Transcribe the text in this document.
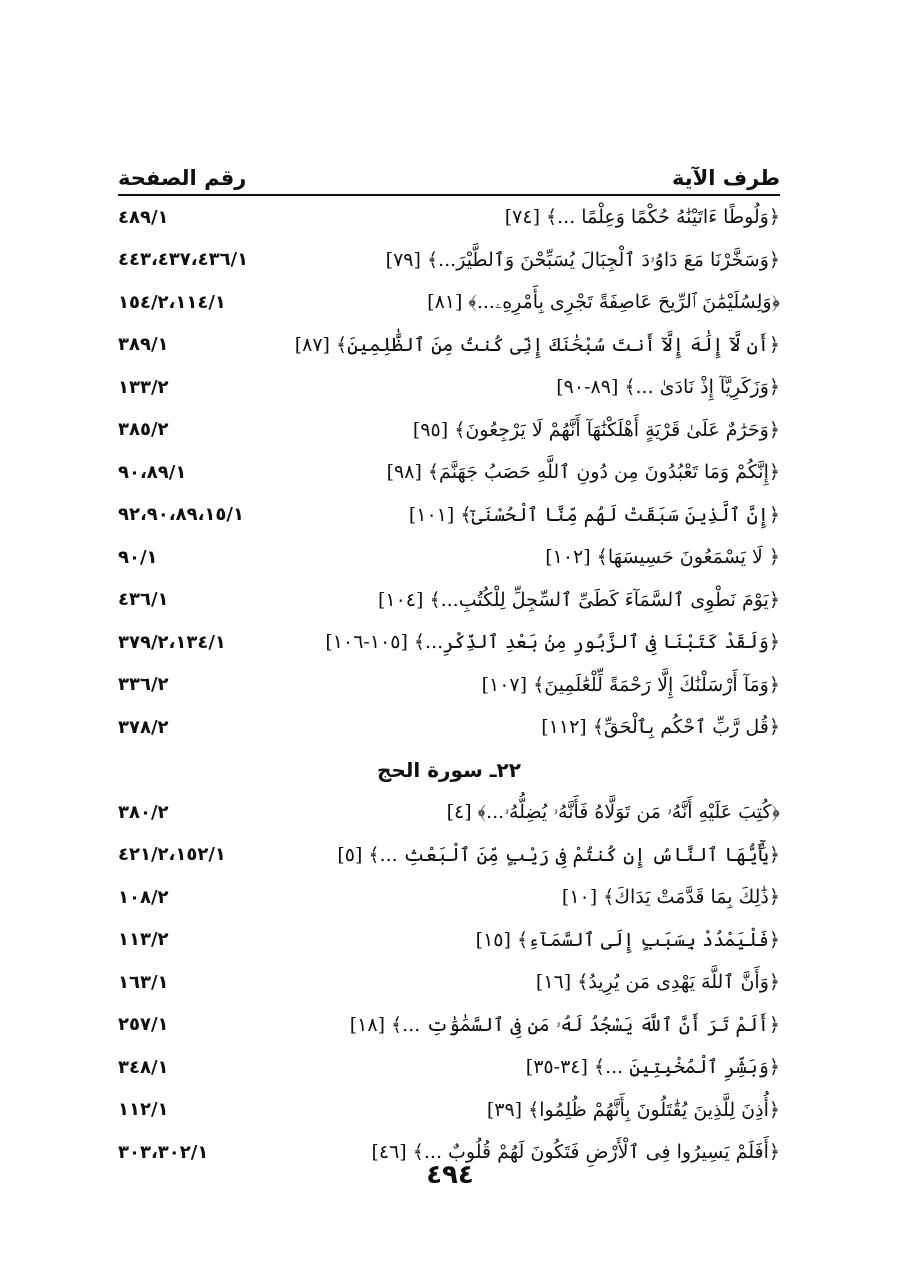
طرف الآية
رقم الصفحة
﴿وَلُوطًا ءَاتَيْنَٰهُ حُكْمًا وَعِلْمًا ...﴾ [٧٤]
٤٨٩/١
﴿وَسَخَّرْنَا مَعَ دَاوُۥدَ ٱلْجِبَالَ يُسَبِّحْنَ وَٱلطَّيْرَ...﴾ [٧٩]
٤٤٣،٤٣٧،٤٣٦/١
﴿وَلِسُلَيْمَٰنَ ٱلرِّيحَ عَاصِفَةً تَجْرِى بِأَمْرِهِۦ...﴾ [٨١]
١٥٤/٢،١١٤/١
﴿أَن لَّآ إِلَٰهَ إِلَّآ أَنتَ سُبْحَٰنَكَ إِنِّى كُنتُ مِنَ ٱلظَّٰلِمِينَ﴾ [٨٧]
٣٨٩/١
﴿وَزَكَرِيَّآ إِذْ نَادَىٰ ...﴾ [٨٩-٩٠]
١٣٣/٢
﴿وَحَرَٰمٌ عَلَىٰ قَرْيَةٍ أَهْلَكْنَٰهَآ أَنَّهُمْ لَا يَرْجِعُونَ﴾ [٩٥]
٣٨٥/٢
﴿إِنَّكُمْ وَمَا تَعْبُدُونَ مِن دُونِ ٱللَّهِ حَصَبُ جَهَنَّمَ﴾ [٩٨]
٩٠،٨٩/١
﴿إِنَّ ٱلَّذِينَ سَبَقَتْ لَهُم مِّنَّا ٱلْحُسْنَىٰٓ﴾ [١٠١]
٩٢،٩٠،٨٩،١٥/١
﴿ لَا يَسْمَعُونَ حَسِيسَهَا﴾ [١٠٢]
٩٠/١
﴿يَوْمَ نَطْوِى ٱلسَّمَآءَ كَطَىِّ ٱلسِّجِلِّ لِلْكُتُبِ...﴾ [١٠٤]
٤٣٦/١
﴿وَلَقَدْ كَتَبْنَا فِى ٱلزَّبُورِ مِنۢ بَعْدِ ٱلذِّكْرِ...﴾ [١٠٥-١٠٦]
٣٧٩/٢،١٣٤/١
﴿وَمَآ أَرْسَلْنَٰكَ إِلَّا رَحْمَةً لِّلْعَٰلَمِينَ﴾ [١٠٧]
٣٣٦/٢
﴿قُل رَّبِّ ٱحْكُم بِٱلْحَقِّ﴾ [١١٢]
٣٧٨/٢
٢٢ـ سورة الحج
﴿كُتِبَ عَلَيْهِ أَنَّهُۥ مَن تَوَلَّاهُ فَأَنَّهُۥ يُضِلُّهُۥ...﴾ [٤]
٣٨٠/٢
﴿يَٰٓأَيُّهَا ٱلنَّاسُ إِن كُنتُمْ فِى رَيْبٍ مِّنَ ٱلْبَعْثِ ...﴾ [٥]
٤٢١/٢،١٥٢/١
﴿ذَٰلِكَ بِمَا قَدَّمَتْ يَدَاكَ﴾ [١٠]
١٠٨/٢
﴿فَلْيَمْدُدْ بِسَبَبٍ إِلَى ٱلسَّمَآءِ﴾ [١٥]
١١٣/٢
﴿وَأَنَّ ٱللَّهَ يَهْدِى مَن يُرِيدُ﴾ [١٦]
١٦٣/١
﴿أَلَمْ تَرَ أَنَّ ٱللَّهَ يَسْجُدُ لَهُۥ مَن فِى ٱلسَّمَٰوَٰتِ ...﴾ [١٨]
٢٥٧/١
﴿وَبَشِّرِ ٱلْمُخْبِتِينَ ...﴾ [٣٤-٣٥]
٣٤٨/١
﴿أُذِنَ لِلَّذِينَ يُقَٰتَلُونَ بِأَنَّهُمْ ظُلِمُوا﴾ [٣٩]
١١٢/١
﴿أَفَلَمْ يَسِيرُوا فِى ٱلْأَرْضِ فَتَكُونَ لَهُمْ قُلُوبٌ ...﴾ [٤٦]
٣٠٣،٣٠٢/١
٤٩٤
